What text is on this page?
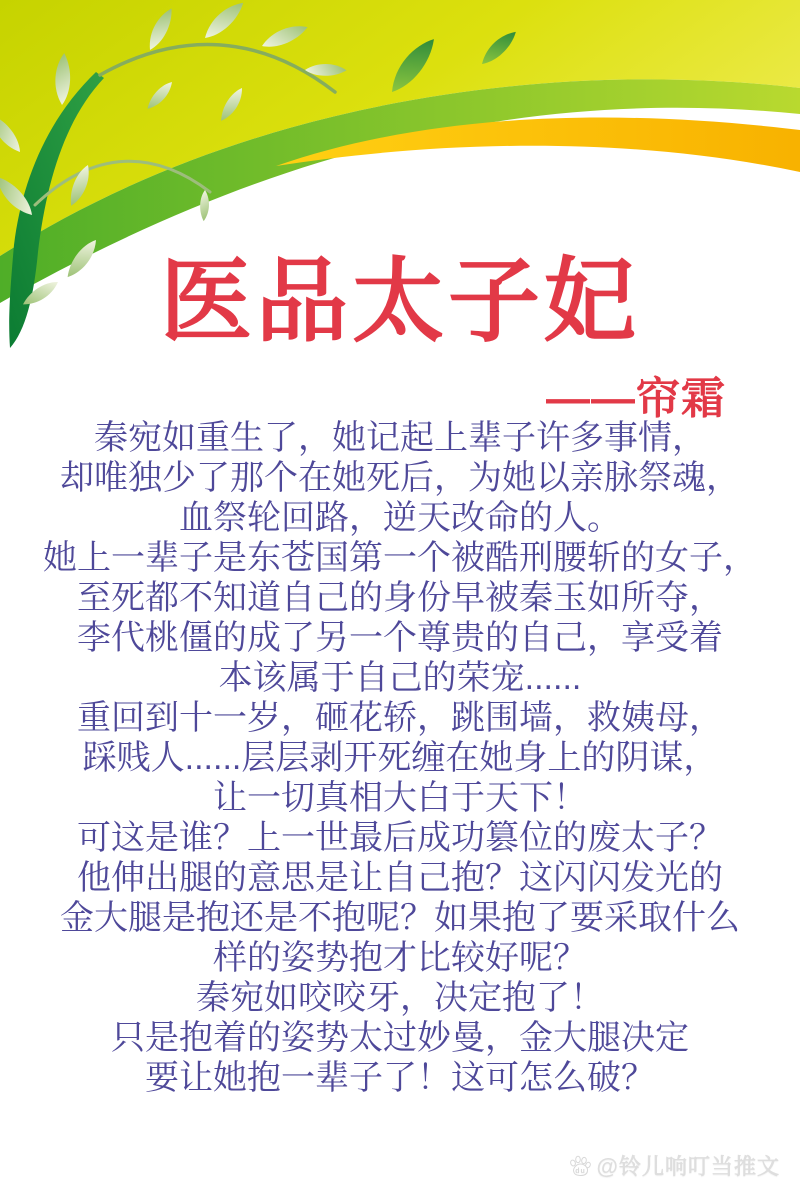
医品太子妃
——帘霜
秦宛如重生了，她记起上辈子许多事情，
却唯独少了那个在她死后，为她以亲脉祭魂，
血祭轮回路，逆天改命的人。
她上一辈子是东苍国第一个被酷刑腰斩的女子，
至死都不知道自己的身份早被秦玉如所夺，
李代桃僵的成了另一个尊贵的自己，享受着
本该属于自己的荣宠......
重回到十一岁，砸花轿，跳围墙，救姨母，
踩贱人......层层剥开死缠在她身上的阴谋，
让一切真相大白于天下！
可这是谁？上一世最后成功篡位的废太子？
他伸出腿的意思是让自己抱？这闪闪发光的
金大腿是抱还是不抱呢？如果抱了要采取什么
样的姿势抱才比较好呢？
秦宛如咬咬牙，决定抱了！
只是抱着的姿势太过妙曼，金大腿决定
要让她抱一辈子了！这可怎么破？
du @铃儿响叮当推文
